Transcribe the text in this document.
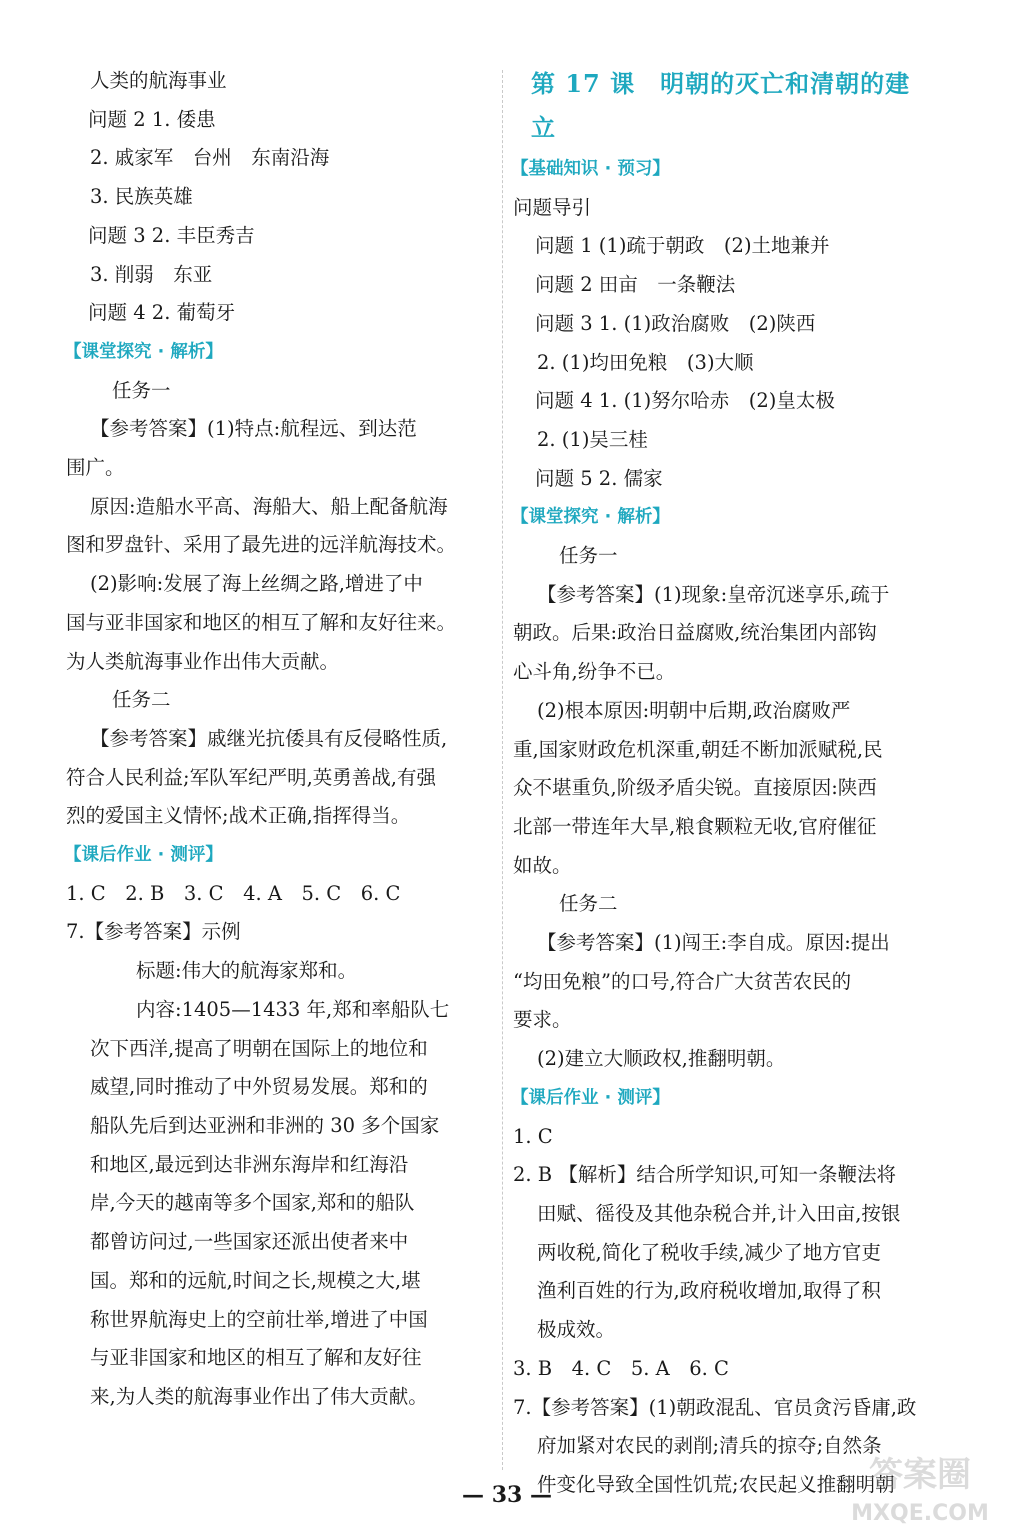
人类的航海事业
问题 2 1. 倭患
2. 戚家军　台州　东南沿海
3. 民族英雄
问题 3 2. 丰臣秀吉
3. 削弱　东亚
问题 4 2. 葡萄牙
【课堂探究 · 解析】
任务一
【参考答案】(1)特点:航程远、到达范
围广。
原因:造船水平高、海船大、船上配备航海
图和罗盘针、采用了最先进的远洋航海技术。
(2)影响:发展了海上丝绸之路,增进了中
国与亚非国家和地区的相互了解和友好往来。
为人类航海事业作出伟大贡献。
任务二
【参考答案】戚继光抗倭具有反侵略性质,
符合人民利益;军队军纪严明,英勇善战,有强
烈的爱国主义情怀;战术正确,指挥得当。
【课后作业 · 测评】
1. C　2. B　3. C　4. A　5. C　6. C
7.【参考答案】示例
标题:伟大的航海家郑和。
内容:1405—1433 年,郑和率船队七
次下西洋,提高了明朝在国际上的地位和
威望,同时推动了中外贸易发展。郑和的
船队先后到达亚洲和非洲的 30 多个国家
和地区,最远到达非洲东海岸和红海沿
岸,今天的越南等多个国家,郑和的船队
都曾访问过,一些国家还派出使者来中
国。郑和的远航,时间之长,规模之大,堪
称世界航海史上的空前壮举,增进了中国
与亚非国家和地区的相互了解和友好往
来,为人类的航海事业作出了伟大贡献。
第 17 课　明朝的灭亡和清朝的建立
【基础知识 · 预习】
问题导引
问题 1 (1)疏于朝政　(2)土地兼并
问题 2 田亩　一条鞭法
问题 3 1. (1)政治腐败　(2)陕西
2. (1)均田免粮　(3)大顺
问题 4 1. (1)努尔哈赤　(2)皇太极
2. (1)吴三桂
问题 5 2. 儒家
【课堂探究 · 解析】
任务一
【参考答案】(1)现象:皇帝沉迷享乐,疏于
朝政。后果:政治日益腐败,统治集团内部钩
心斗角,纷争不已。
(2)根本原因:明朝中后期,政治腐败严
重,国家财政危机深重,朝廷不断加派赋税,民
众不堪重负,阶级矛盾尖锐。直接原因:陕西
北部一带连年大旱,粮食颗粒无收,官府催征
如故。
任务二
【参考答案】(1)闯王:李自成。原因:提出
“均田免粮”的口号,符合广大贫苦农民的
要求。
(2)建立大顺政权,推翻明朝。
【课后作业 · 测评】
1. C
2. B 【解析】结合所学知识,可知一条鞭法将
田赋、徭役及其他杂税合并,计入田亩,按银
两收税,简化了税收手续,减少了地方官吏
渔利百姓的行为,政府税收增加,取得了积
极成效。
3. B　4. C　5. A　6. C
7.【参考答案】(1)朝政混乱、官员贪污昏庸,政
府加紧对农民的剥削;清兵的掠夺;自然条
件变化导致全国性饥荒;农民起义推翻明朝
— 33 —	答案圈
MXQE.COM
